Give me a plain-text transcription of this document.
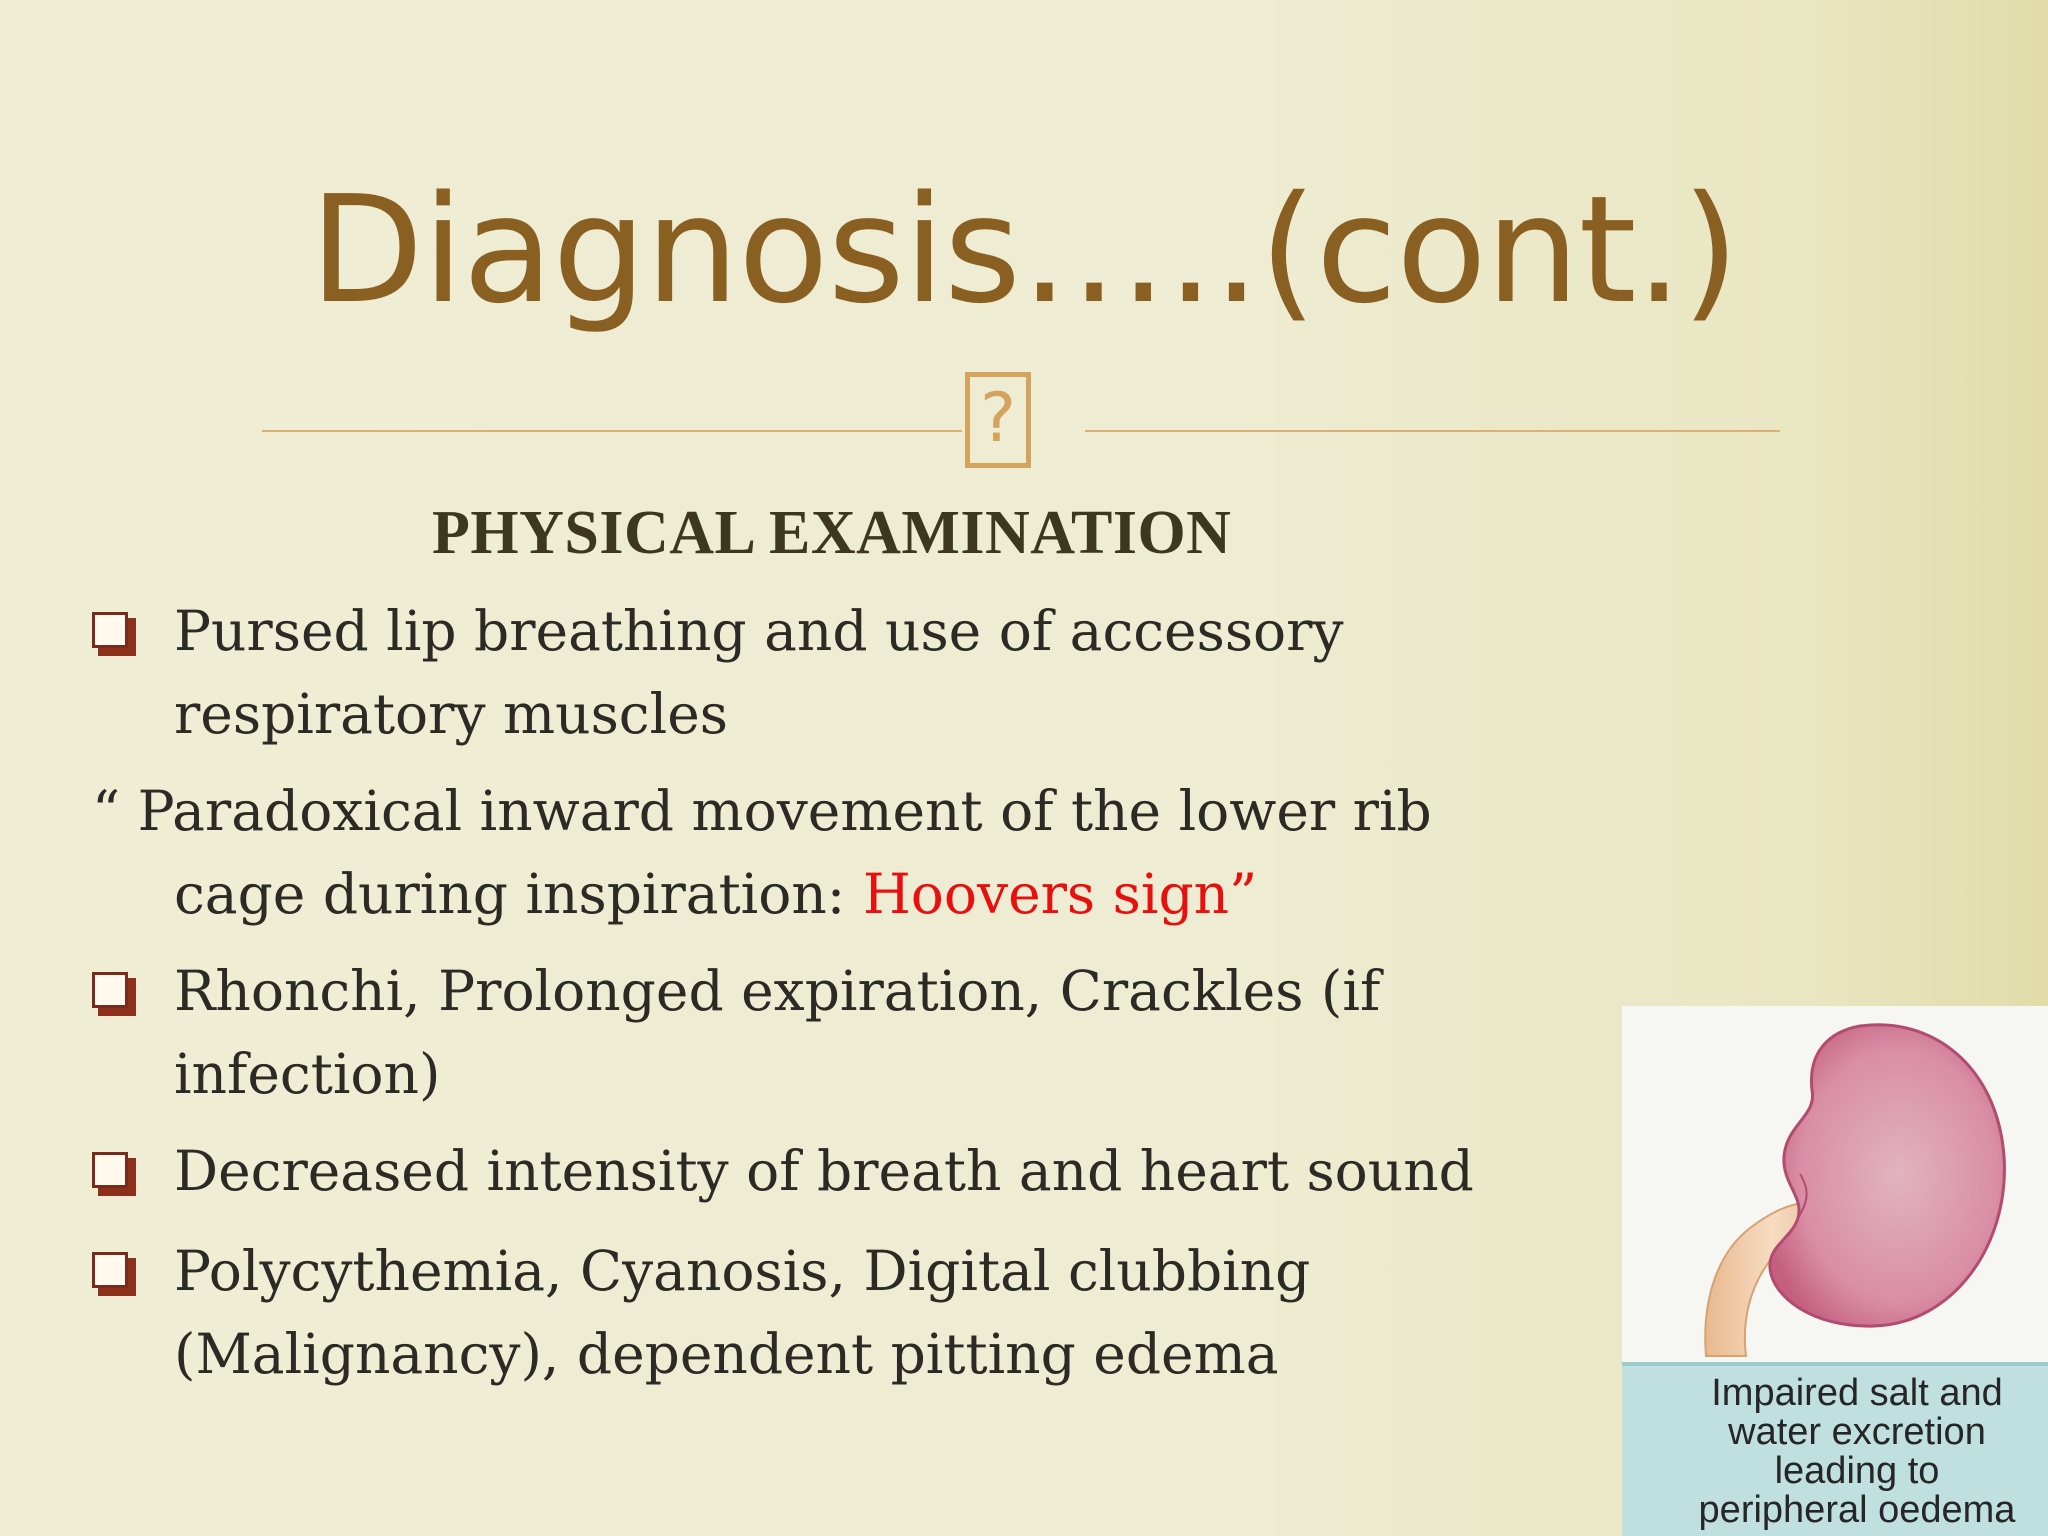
Diagnosis…..(cont.)
?
PHYSICAL EXAMINATION
Pursed lip breathing and use of accessory
respiratory muscles
“ Paradoxical inward movement of the lower rib
cage during inspiration: Hoovers sign”
Rhonchi, Prolonged expiration, Crackles (if
infection)
Decreased intensity of breath and heart sound
Polycythemia, Cyanosis, Digital clubbing
(Malignancy), dependent pitting edema
Impaired salt and
water excretion
leading to
peripheral oedema
